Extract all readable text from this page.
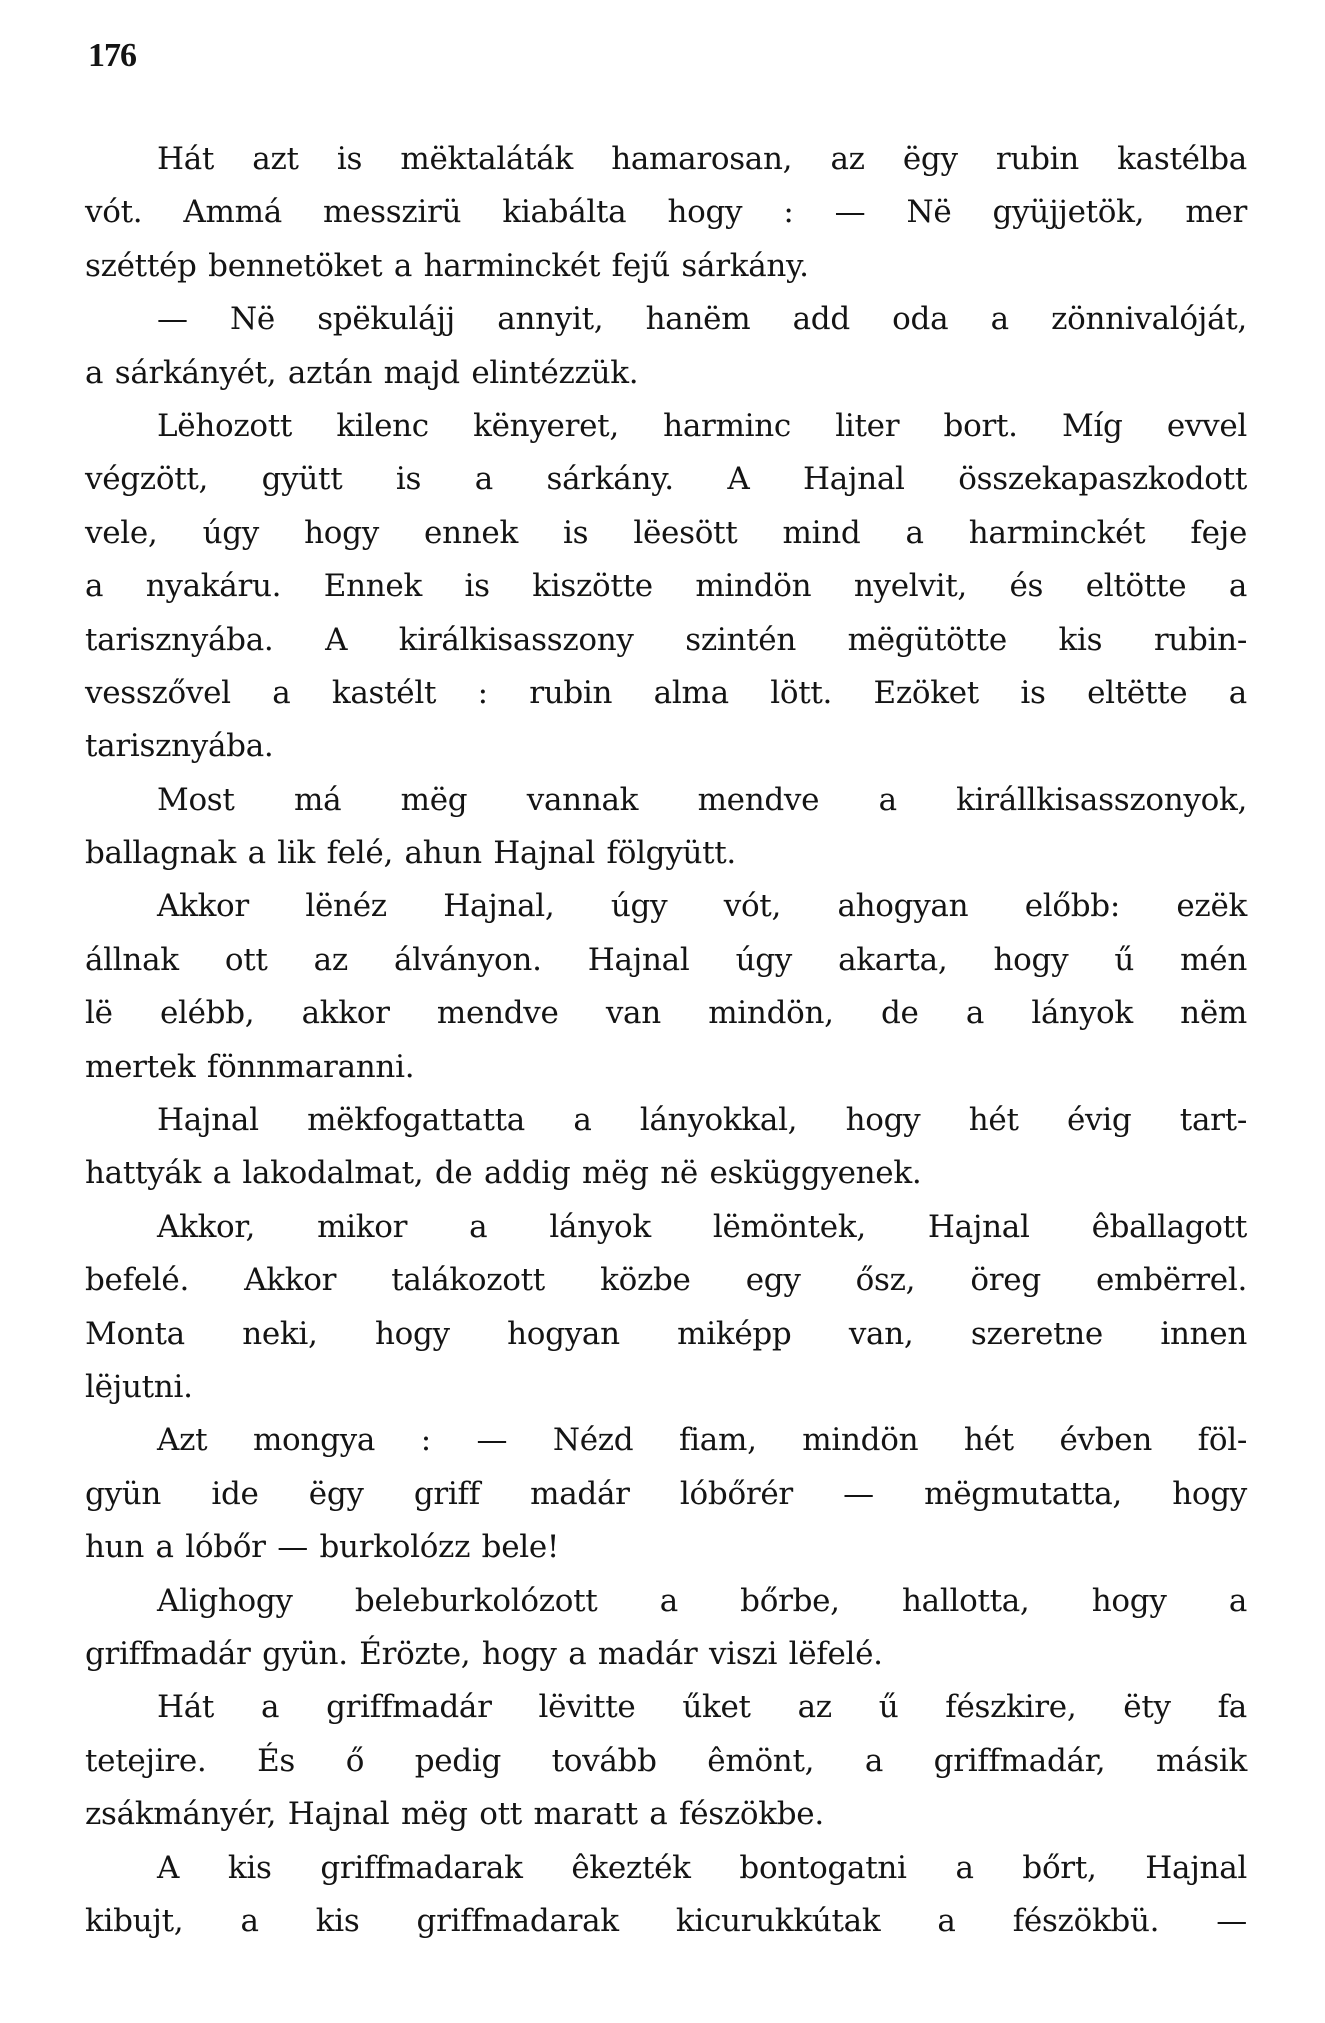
176
Hát azt is mëktaláták hamarosan, az ëgy rubin kastélba
vót. Ammá messzirü kiabálta hogy : — Në gyüjjetök, mer
széttép bennetöket a harminckét fejű sárkány.
— Në spëkulájj annyit, hanëm add oda a zönnivalóját,
a sárkányét, aztán majd elintézzük.
Lëhozott kilenc kënyeret, harminc liter bort. Míg evvel
végzött, gyütt is a sárkány. A Hajnal összekapaszkodott
vele, úgy hogy ennek is lëesött mind a harminckét feje
a nyakáru. Ennek is kiszötte mindön nyelvit, és eltötte a
tarisznyába. A királkisasszony szintén mëgütötte kis rubin-
vesszővel a kastélt : rubin alma lött. Ezöket is eltëtte a
tarisznyába.
Most má mëg vannak mendve a királlkisasszonyok,
ballagnak a lik felé, ahun Hajnal fölgyütt.
Akkor lënéz Hajnal, úgy vót, ahogyan előbb: ezëk
állnak ott az álványon. Hajnal úgy akarta, hogy ű mén
lë elébb, akkor mendve van mindön, de a lányok nëm
mertek fönnmaranni.
Hajnal mëkfogattatta a lányokkal, hogy hét évig tart-
hattyák a lakodalmat, de addig mëg në esküggyenek.
Akkor, mikor a lányok lëmöntek, Hajnal êballagott
befelé. Akkor talákozott közbe egy ősz, öreg embërrel.
Monta neki, hogy hogyan miképp van, szeretne innen
lëjutni.
Azt mongya : — Nézd fiam, mindön hét évben föl-
gyün ide ëgy griff madár lóbőrér — mëgmutatta, hogy
hun a lóbőr — burkolózz bele!
Alighogy beleburkolózott a bőrbe, hallotta, hogy a
griffmadár gyün. Érözte, hogy a madár viszi lëfelé.
Hát a griffmadár lëvitte űket az ű fészkire, ëty fa
tetejire. És ő pedig tovább êmönt, a griffmadár, másik
zsákmányér, Hajnal mëg ott maratt a fészökbe.
A kis griffmadarak êkezték bontogatni a bőrt, Hajnal
kibujt, a kis griffmadarak kicurukkútak a fészökbü. —
